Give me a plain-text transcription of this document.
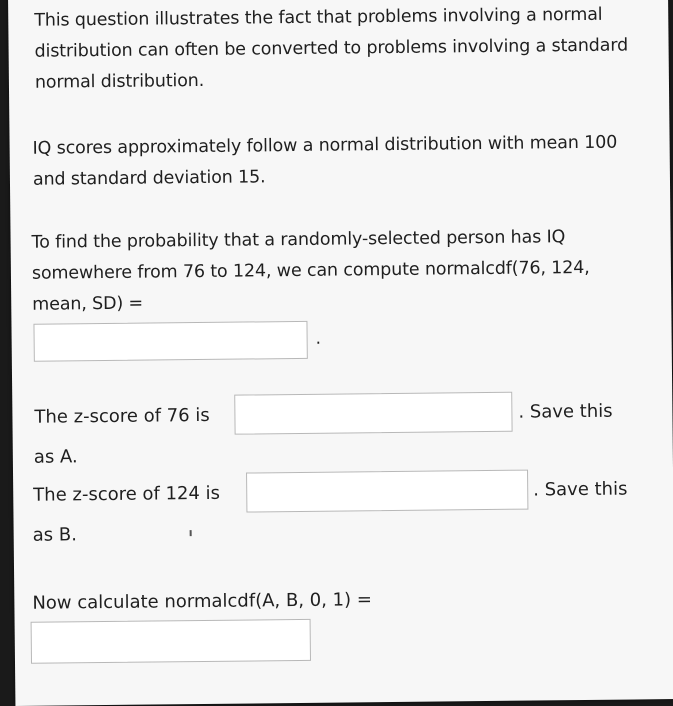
This question illustrates the fact that problems involving a normal distribution can often be converted to problems involving a standard normal distribution.

IQ scores approximately follow a normal distribution with mean 100 and standard deviation 15.

To find the probability that a randomly-selected person has IQ somewhere from 76 to 124, we can compute normalcdf(76, 124, mean, SD) =

.
The z-score of 76 is	. Save this
as A.
The z-score of 124 is	. Save this
as B.
Now calculate normalcdf(A, B, 0, 1) =
